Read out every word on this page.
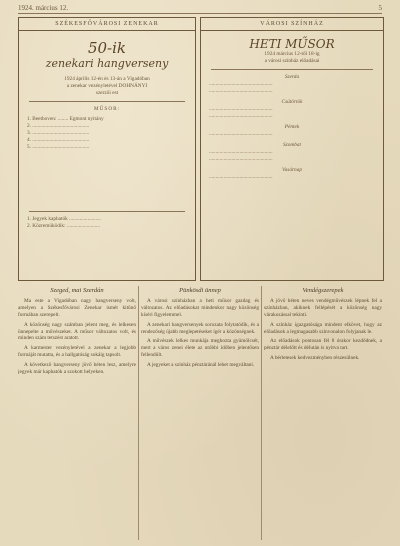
1924. március 12.	5
SZÉKESFŐVÁROSI ZENEKAR
50-ik
zenekari hangverseny
1924 április 12-én és 13-án a Vigadóban
a zenekar vezényletével DOHNÁNYI
szerzői est
MŰSOR:
1. Beethoven: ........ Egmont nyitány
2. ...........................................
3. ...........................................
4. ...........................................
5. ...........................................
1. Jegyek kaphatók ........................
2. Közremüködik: .........................
VÁROSI SZÍNHÁZ
HETI MŰSOR
1924 március 12-től 18-ig
a városi színház előadásai
Szerda
................................................
................................................
Csütörtök
................................................
................................................
Péntek
................................................
Szombat
................................................
................................................
Vasárnap
................................................
Szeged, mai Szerdán

Ma este a Vigadóban nagy hangverseny volt, amelyen a Székesfővárosi Zenekar ismét kitűnő formában szerepelt.

A közönség nagy számban jelent meg, és lelkesen ünnepelte a művészeket. A műsor változatos volt, és minden szám tetszést aratott.

A karmester vezényletével a zenekar a legjobb formáját mutatta, és a hallgatóság sokáig tapsolt.

A következő hangverseny jövő héten lesz, amelyre jegyek már kaphatók a szokott helyeken.

Pünkösdi ünnep

A városi színházban a heti műsor gazdag és változatos. Az előadásokat mindenkor nagy közönség kíséri figyelemmel.

A zenekari hangversenyek sorozata folytatódik, és a rendezőség újabb meglepetéseket ígér a közönségnek.

A művészek lelkes munkája meghozta gyümölcsét, mert a város zenei élete az utóbbi időben jelentősen fellendült.

A jegyeket a színház pénztáránál lehet megváltani.

Vendégszerepek

A jövő héten neves vendégművészek lépnek fel a színházban, akiknek fellépését a közönség nagy várakozással tekinti.

A színház igazgatósága mindent elkövet, hogy az előadások a legmagasabb színvonalon folyjanak le.

Az előadások pontosan fél 8 órakor kezdődnek, a pénztár délelőtt és délután is nyitva tart.

A bérletesek kedvezményben részesülnek.
